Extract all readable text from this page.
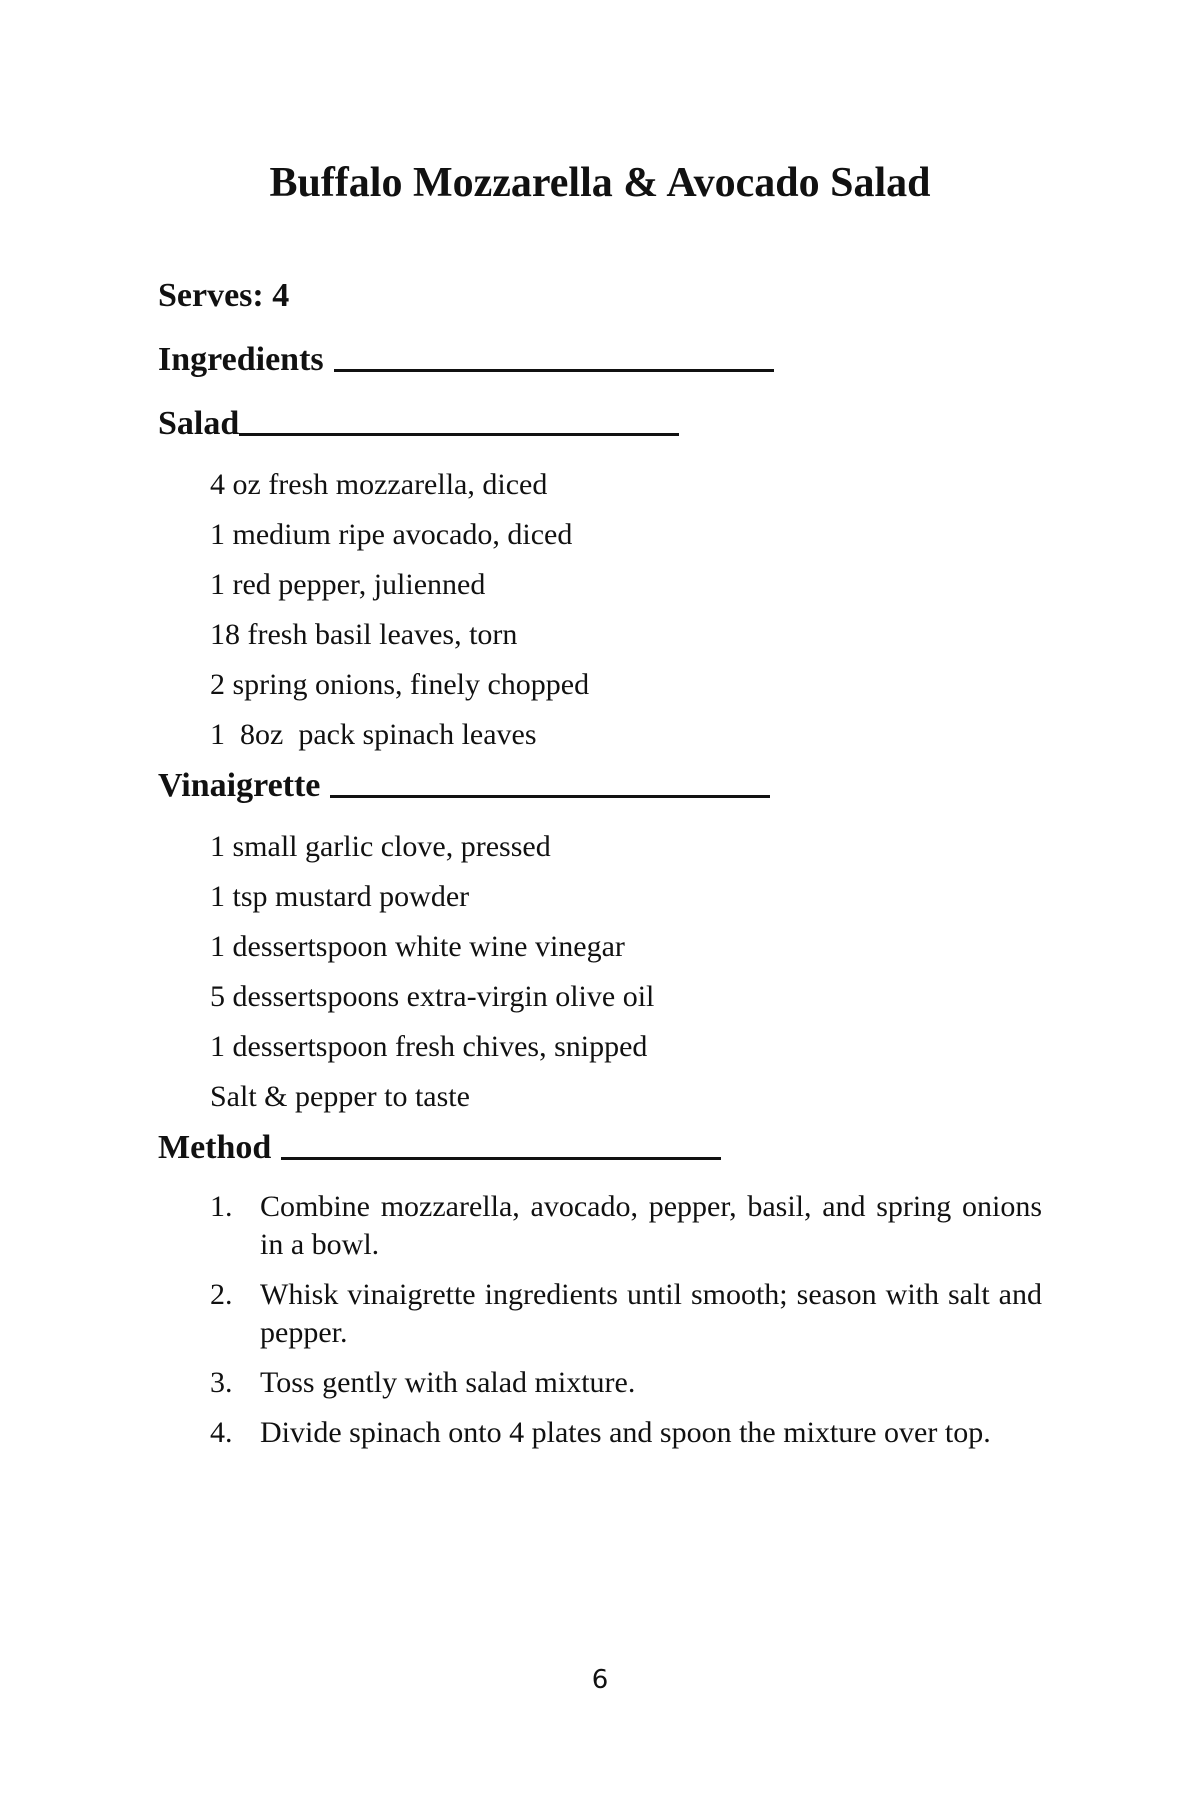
Buffalo Mozzarella & Avocado Salad
Serves: 4
Ingredients
Salad
4 oz fresh mozzarella, diced
1 medium ripe avocado, diced
1 red pepper, julienned
18 fresh basil leaves, torn
2 spring onions, finely chopped
1  8oz  pack spinach leaves
Vinaigrette
1 small garlic clove, pressed
1 tsp mustard powder
1 dessertspoon white wine vinegar
5 dessertspoons extra-virgin olive oil
1 dessertspoon fresh chives, snipped
Salt & pepper to taste
Method
1. Combine mozzarella, avocado, pepper, basil, and spring onions in a bowl.
2. Whisk vinaigrette ingredients until smooth; season with salt and pepper.
3. Toss gently with salad mixture.
4. Divide spinach onto 4 plates and spoon the mixture over top.
6
